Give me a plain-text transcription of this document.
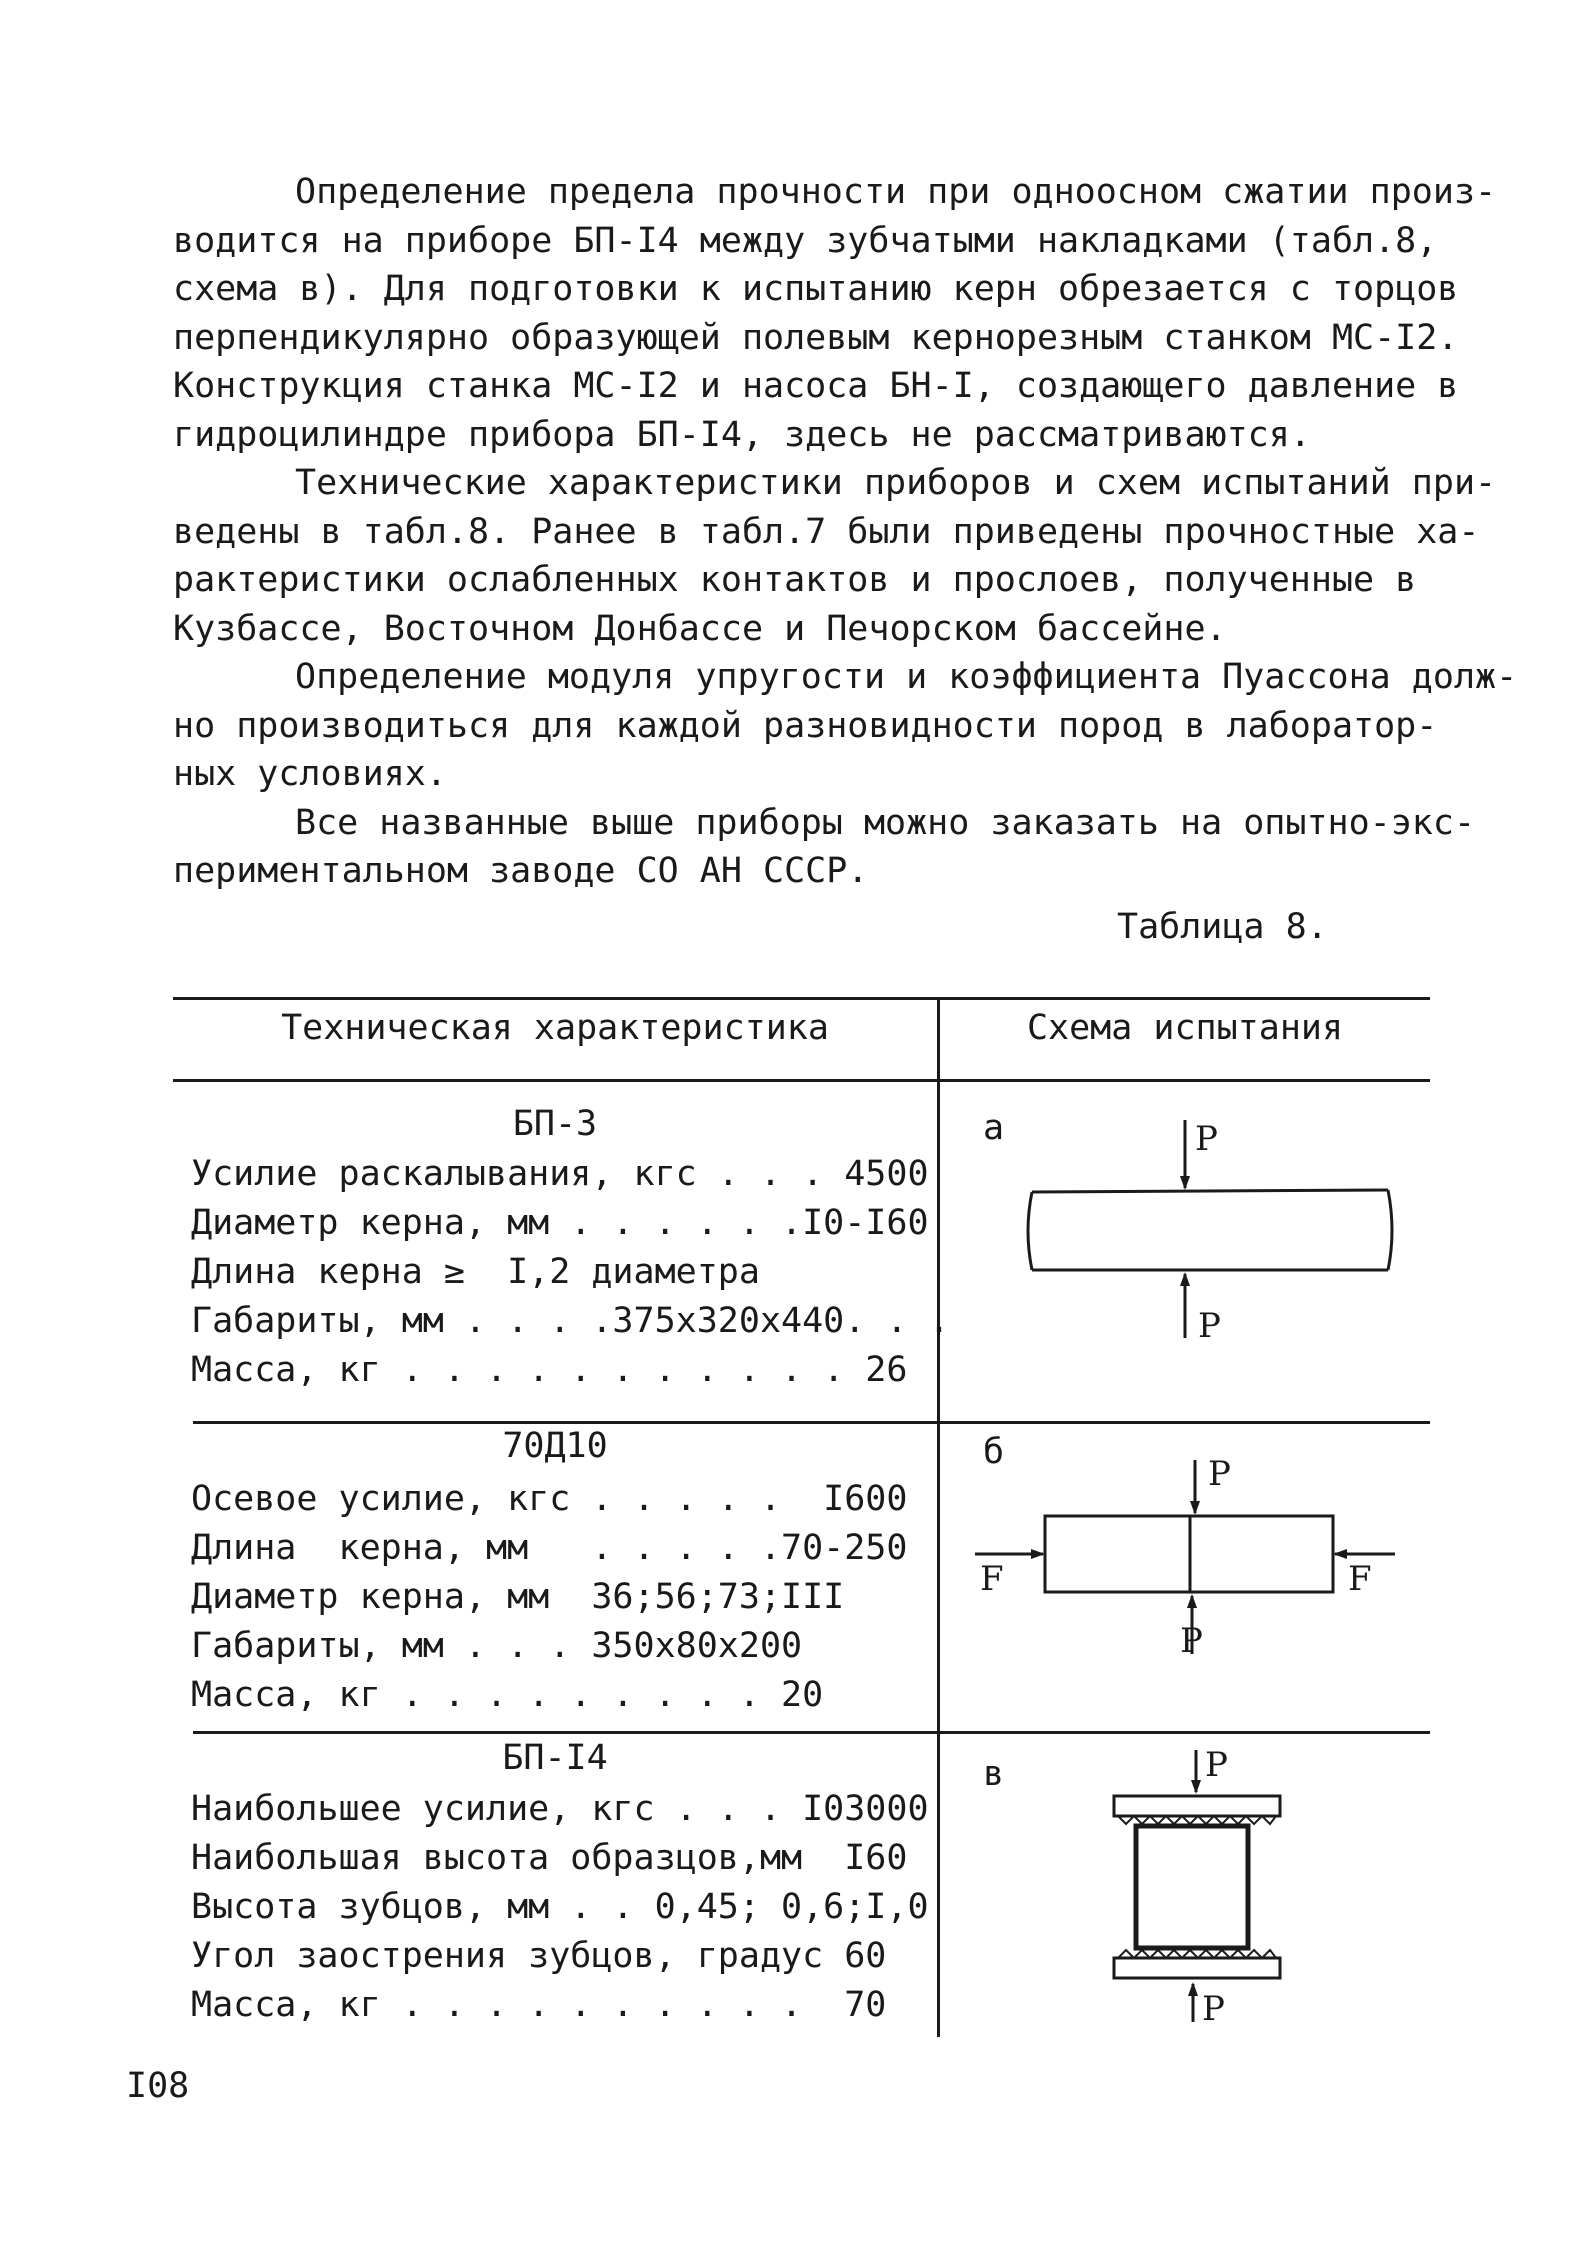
Определение предела прочности при одноосном сжатии произ-
водится на приборе БП-I4 между зубчатыми накладками (табл.8,
схема в). Для подготовки к испытанию керн обрезается с торцов
перпендикулярно образующей полевым кернорезным станком МС-I2.
Конструкция станка МС-I2 и насоса БН-I, создающего давление в
гидроцилиндре прибора БП-I4, здесь не рассматриваются.

Технические характеристики приборов и схем испытаний при-
ведены в табл.8. Ранее в табл.7 были приведены прочностные ха-
рактеристики ослабленных контактов и прослоев, полученные в
Кузбассе, Восточном Донбассе и Печорском бассейне.

Определение модуля упругости и коэффициента Пуассона долж-
но производиться для каждой разновидности пород в лаборатор-
ных условиях.

Все названные выше приборы можно заказать на опытно-экс-
периментальном заводе СО АН СССР.

Таблица 8.
Техническая характеристика	Схема испытания
БП-3
Усилие раскалывания, кгс . . . 4500
Диаметр керна, мм . . . . . .I0-I60
Длина керна ≥  I,2 диаметра
Габариты, мм . . . .375х320х440. . .
Масса, кг . . . . . . . . . . . 26
а	P
P
70Д10
Осевое усилие, кгс . . . . .  I600
Длина  керна, мм   . . . . .70-250
Диаметр керна, мм  36;56;73;III
Габариты, мм . . . 350х80х200
Масса, кг . . . . . . . . . 20
б
P
F	F
P
БП-I4
Наибольшее усилие, кгс . . . I03000
Наибольшая высота образцов,мм  I60
Высота зубцов, мм . . 0,45; 0,6;I,0
Угол заострения зубцов, градус 60
Масса, кг . . . . . . . . . .  70
в	P
P
I08
